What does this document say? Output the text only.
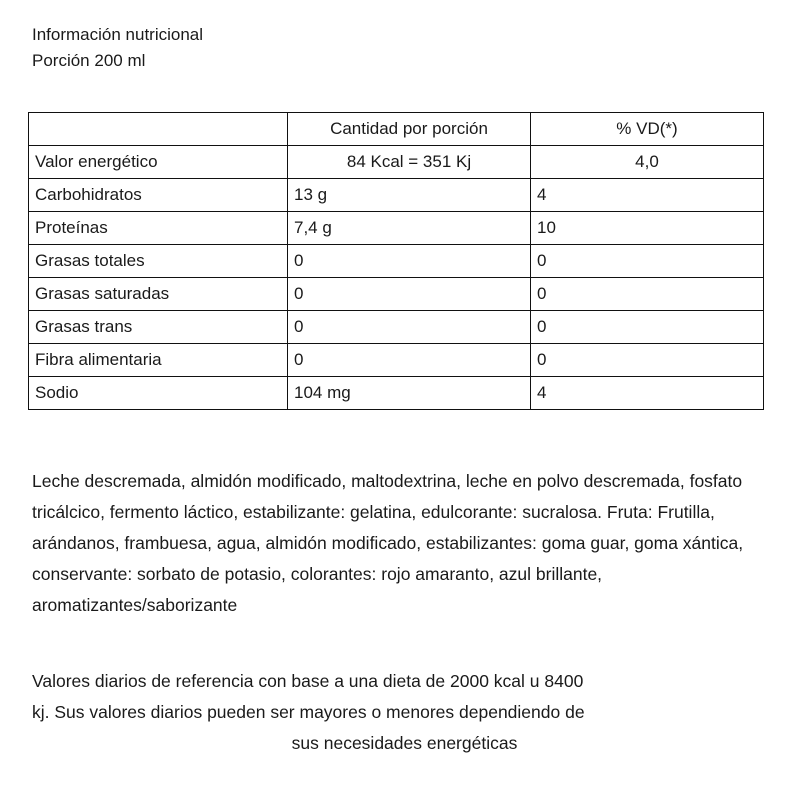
Información nutricional
Porción 200 ml
	Cantidad por porción	% VD(*)
Valor energético	84 Kcal = 351 Kj	4,0
Carbohidratos	13 g	4
Proteínas	7,4 g	10
Grasas totales	0	0
Grasas saturadas	0	0
Grasas trans	0	0
Fibra alimentaria	0	0
Sodio	104 mg	4
Leche descremada, almidón modificado, maltodextrina, leche en polvo descremada, fosfato tricálcico, fermento láctico, estabilizante: gelatina, edulcorante: sucralosa. Fruta: Frutilla, arándanos, frambuesa, agua, almidón modificado, estabilizantes: goma guar, goma xántica, conservante: sorbato de potasio, colorantes: rojo amaranto, azul brillante, aromatizantes/saborizante
Valores diarios de referencia con base a una dieta de 2000 kcal u 8400
kj. Sus valores diarios pueden ser mayores o menores dependiendo de
sus necesidades energéticas
